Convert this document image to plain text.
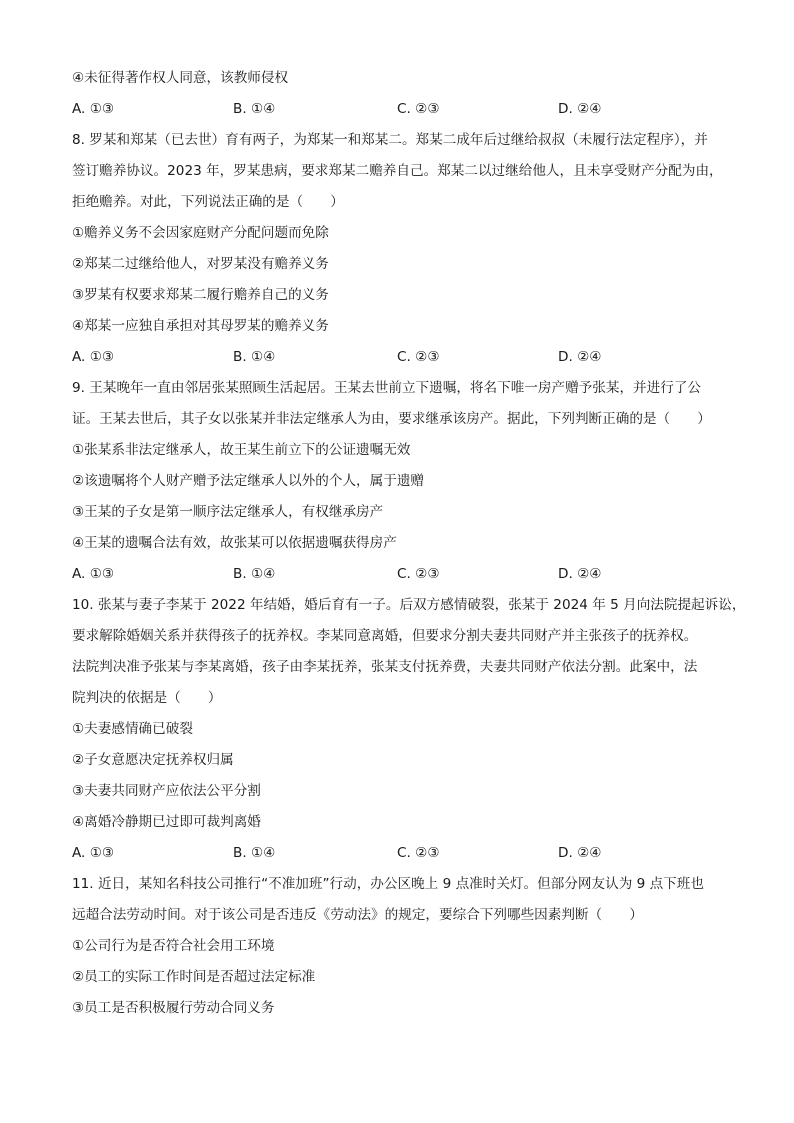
④未征得著作权人同意，该教师侵权
A. ①③	B. ①④	C. ②③	D. ②④
8. 罗某和郑某（已去世）育有两子，为郑某一和郑某二。郑某二成年后过继给叔叔（未履行法定程序），并
签订赡养协议。2023 年，罗某患病，要求郑某二赡养自己。郑某二以过继给他人，且未享受财产分配为由，
拒绝赡养。对此，下列说法正确的是（　　）
①赡养义务不会因家庭财产分配问题而免除
②郑某二过继给他人，对罗某没有赡养义务
③罗某有权要求郑某二履行赡养自己的义务
④郑某一应独自承担对其母罗某的赡养义务
A. ①③	B. ①④	C. ②③	D. ②④
9. 王某晚年一直由邻居张某照顾生活起居。王某去世前立下遗嘱，将名下唯一房产赠予张某，并进行了公
证。王某去世后，其子女以张某并非法定继承人为由，要求继承该房产。据此，下列判断正确的是（　　）
①张某系非法定继承人，故王某生前立下的公证遗嘱无效
②该遗嘱将个人财产赠予法定继承人以外的个人，属于遗赠
③王某的子女是第一顺序法定继承人，有权继承房产
④王某的遗嘱合法有效，故张某可以依据遗嘱获得房产
A. ①③	B. ①④	C. ②③	D. ②④
10. 张某与妻子李某于 2022 年结婚，婚后育有一子。后双方感情破裂，张某于 2024 年 5 月向法院提起诉讼，
要求解除婚姻关系并获得孩子的抚养权。李某同意离婚，但要求分割夫妻共同财产并主张孩子的抚养权。
法院判决准予张某与李某离婚，孩子由李某抚养，张某支付抚养费，夫妻共同财产依法分割。此案中，法
院判决的依据是（　　）
①夫妻感情确已破裂
②子女意愿决定抚养权归属
③夫妻共同财产应依法公平分割
④离婚冷静期已过即可裁判离婚
A. ①③	B. ①④	C. ②③	D. ②④
11. 近日，某知名科技公司推行“不准加班”行动，办公区晚上 9 点准时关灯。但部分网友认为 9 点下班也
远超合法劳动时间。对于该公司是否违反《劳动法》的规定，要综合下列哪些因素判断（　　）
①公司行为是否符合社会用工环境
②员工的实际工作时间是否超过法定标准
③员工是否积极履行劳动合同义务
